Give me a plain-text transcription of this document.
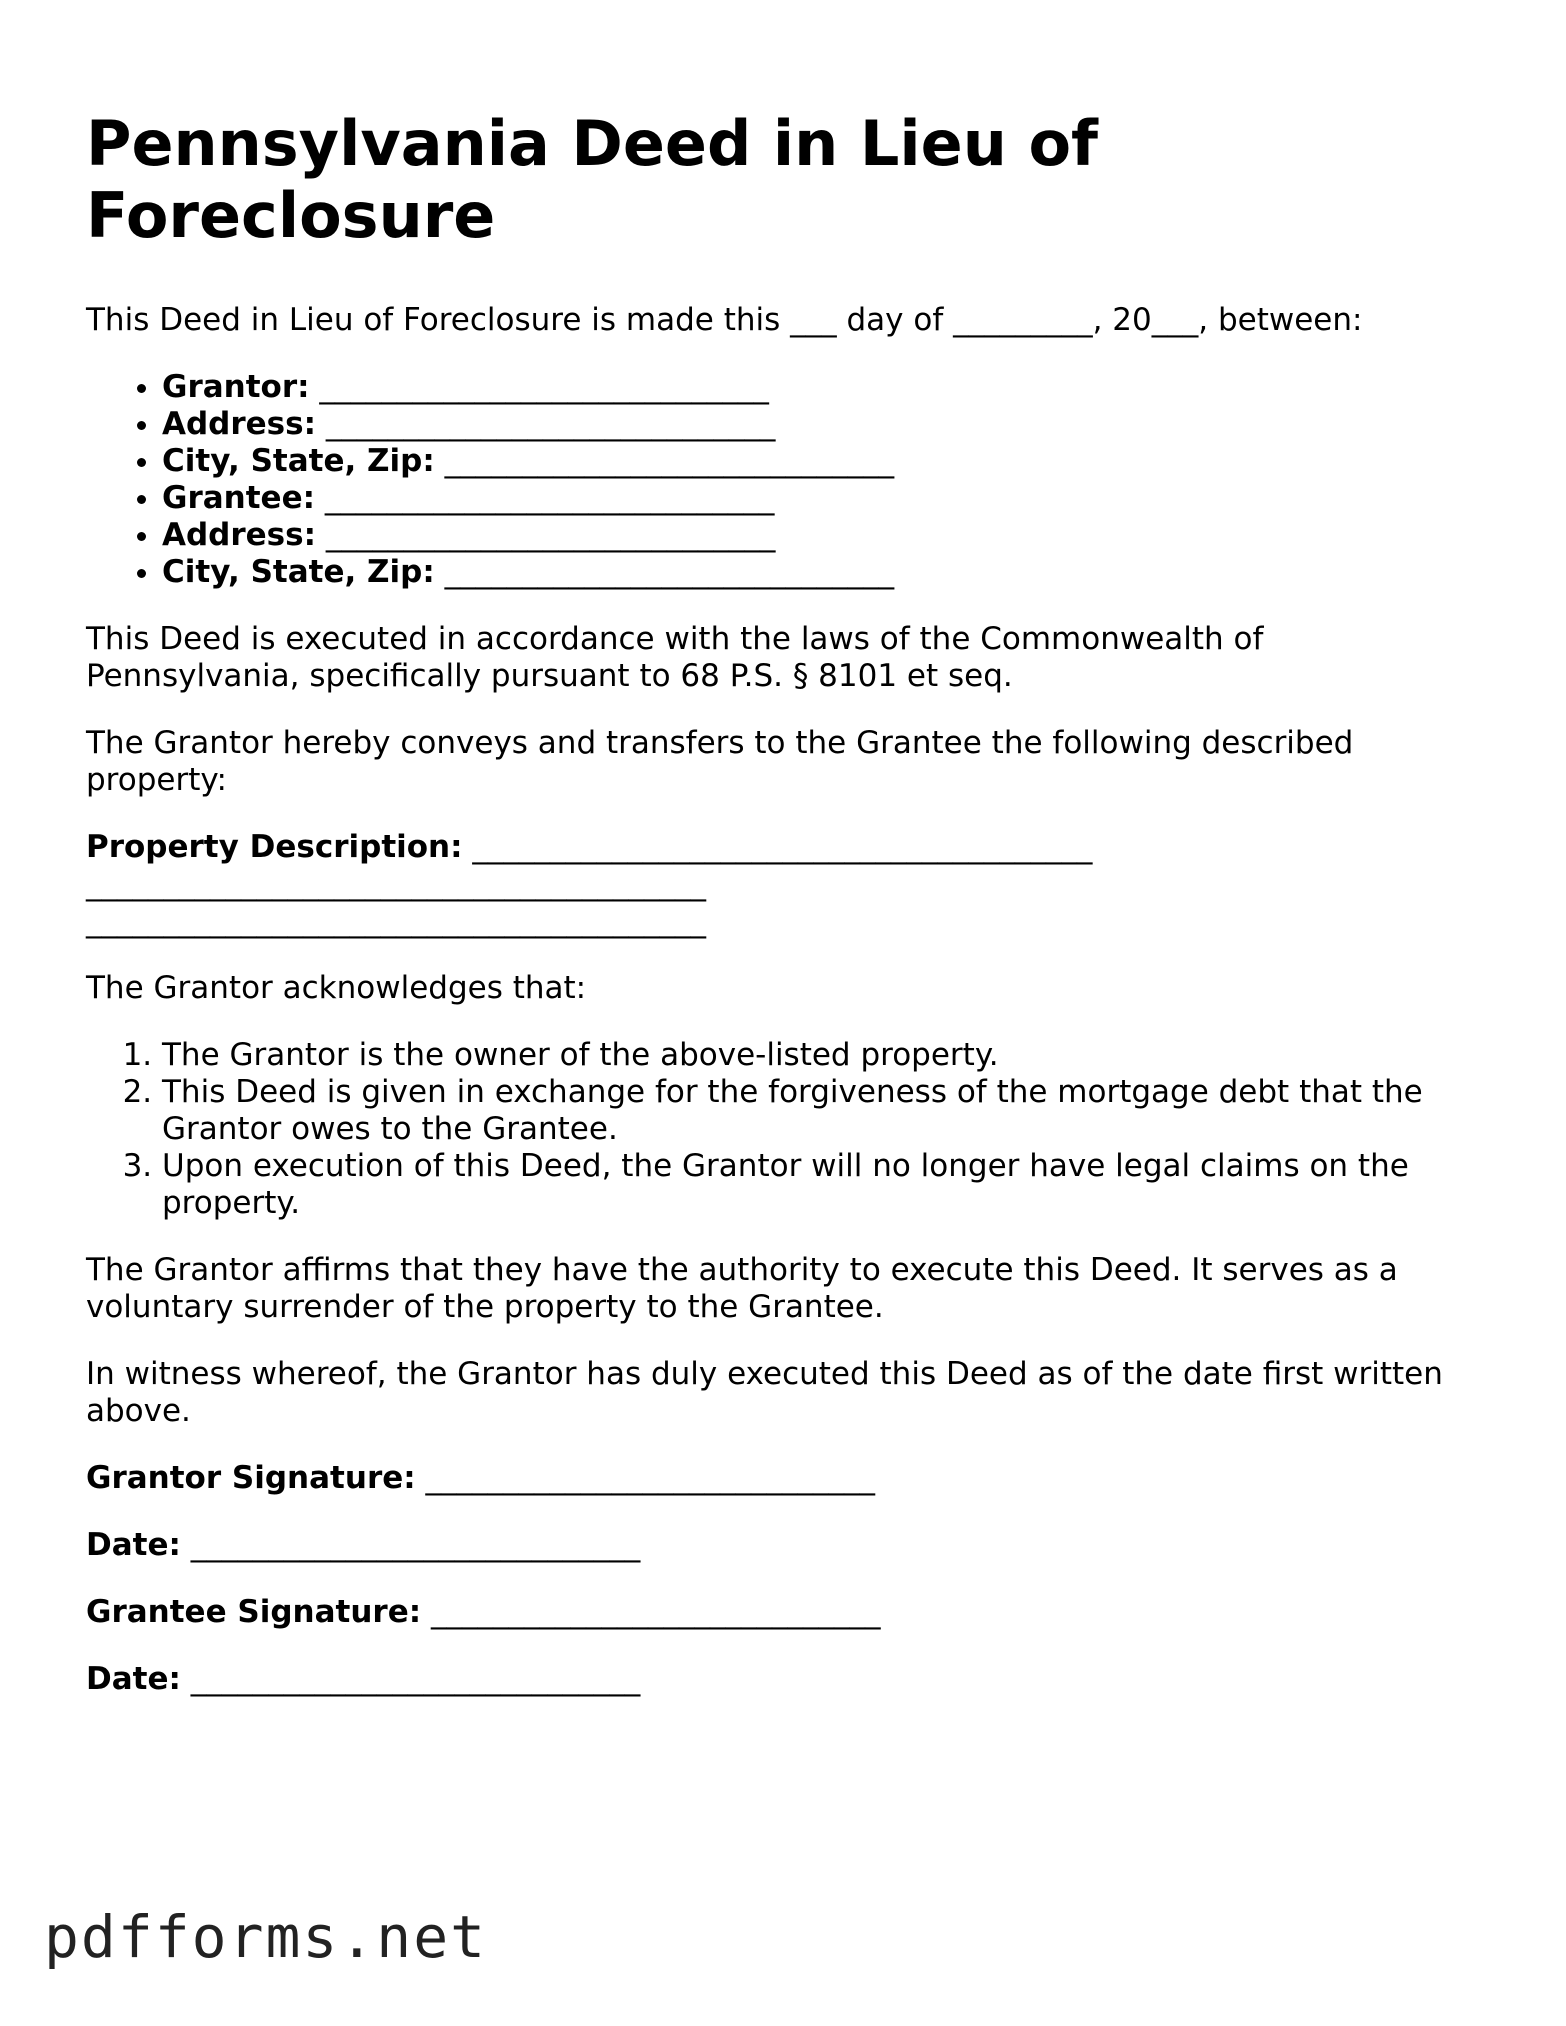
Pennsylvania Deed in Lieu of Foreclosure

This Deed in Lieu of Foreclosure is made this ___ day of _________, 20___, between:

• Grantor: _____________________________
• Address: _____________________________
• City, State, Zip: _____________________________
• Grantee: _____________________________
• Address: _____________________________
• City, State, Zip: _____________________________

This Deed is executed in accordance with the laws of the Commonwealth of Pennsylvania, specifically pursuant to 68 P.S. § 8101 et seq.

The Grantor hereby conveys and transfers to the Grantee the following described property:

Property Description: ________________________________________
________________________________________
________________________________________

The Grantor acknowledges that:

1. The Grantor is the owner of the above-listed property.
2. This Deed is given in exchange for the forgiveness of the mortgage debt that the Grantor owes to the Grantee.
3. Upon execution of this Deed, the Grantor will no longer have legal claims on the property.

The Grantor affirms that they have the authority to execute this Deed. It serves as a voluntary surrender of the property to the Grantee.

In witness whereof, the Grantor has duly executed this Deed as of the date first written above.

Grantor Signature: _____________________________

Date: _____________________________

Grantee Signature: _____________________________

Date: _____________________________

pdfforms.net
